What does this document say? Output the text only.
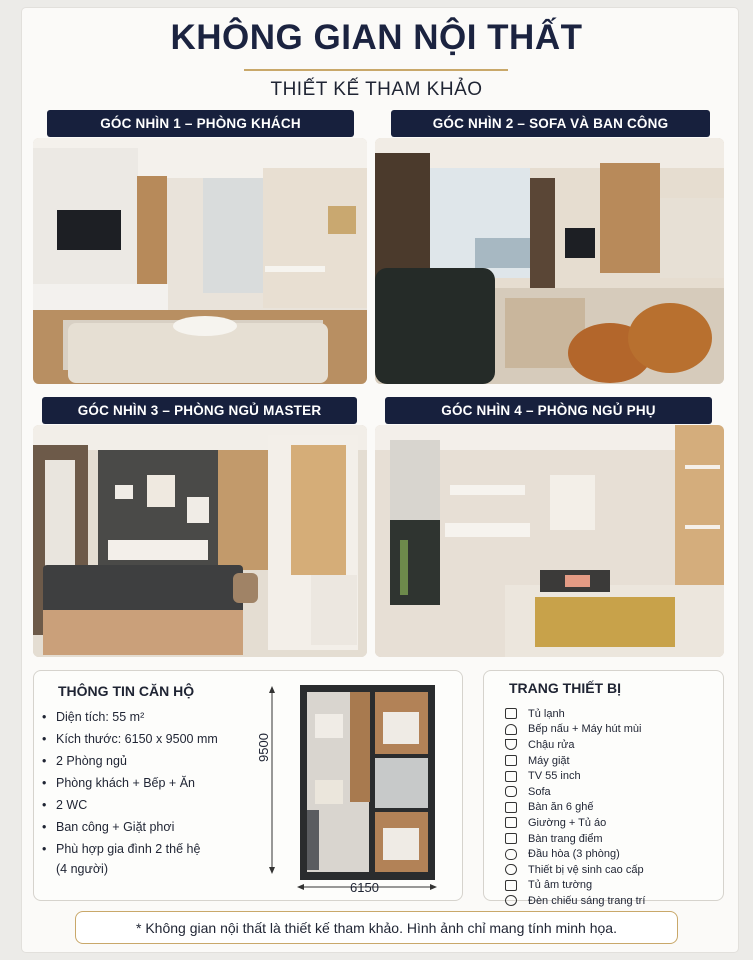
KHÔNG GIAN NỘI THẤT
THIẾT KẾ THAM KHẢO
GÓC NHÌN 1 – PHÒNG KHÁCH	GÓC NHÌN 2 – SOFA VÀ BAN CÔNG
GÓC NHÌN 3 – PHÒNG NGỦ MASTER	GÓC NHÌN 4 – PHÒNG NGỦ PHỤ
THÔNG TIN CĂN HỘ
• Diện tích: 55 m²
• Kích thước: 6150 x 9500 mm
• 2 Phòng ngủ
• Phòng khách + Bếp + Ăn
• 2 WC
• Ban công + Giặt phơi
• Phù hợp gia đình 2 thế hệ
(4 người)
9500
6150
TRANG THIẾT BỊ
Tủ lạnh
Bếp nấu + Máy hút mùi
Chậu rửa
Máy giặt
TV 55 inch
Sofa
Bàn ăn 6 ghế
Giường + Tủ áo
Bàn trang điểm
Đầu hòa (3 phòng)
Thiết bị vệ sinh cao cấp
Tủ âm tường
Đèn chiếu sáng trang trí
* Không gian nội thất là thiết kế tham khảo. Hình ảnh chỉ mang tính minh họa.
